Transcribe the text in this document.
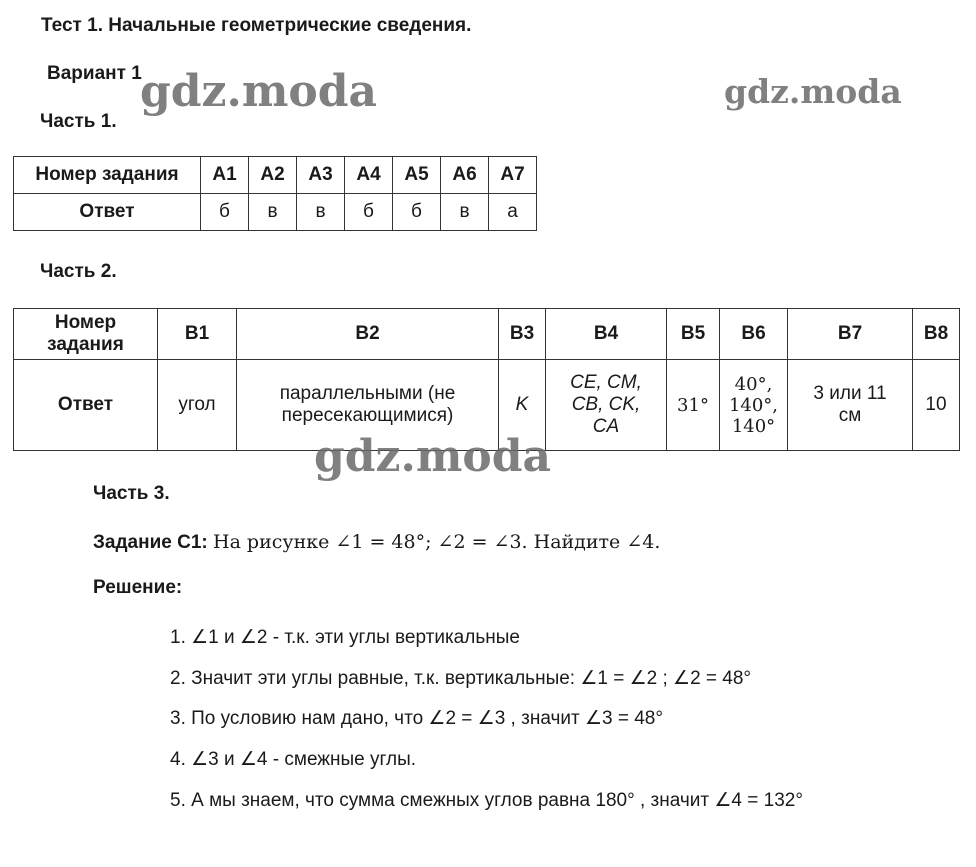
Тест 1. Начальные геометрические сведения.
Вариант 1
gdz.moda	gdz.moda
Часть 1.
Номер задания	А1	А2	А3	А4	А5	А6	А7
Ответ	б	в	в	б	б	в	а
Часть 2.
Номер задания	B1	B2	B3	B4	B5	B6	B7	B8
Ответ	угол	параллельными (не пересекающимися)	K	CE, CM, CB, CK, CA	31°	40°, 140°, 140°	3 или 11 см	10
gdz.moda
Часть 3.
Задание С1: На рисунке ∠1 = 48°; ∠2 = ∠3. Найдите ∠4.
Решение:
1. ∠1 и ∠2 - т.к. эти углы вертикальные
2. Значит эти углы равные, т.к. вертикальные: ∠1 = ∠2 ; ∠2 = 48°
3. По условию нам дано, что ∠2 = ∠3 , значит ∠3 = 48°
4. ∠3 и ∠4 - смежные углы.
5. А мы знаем, что сумма смежных углов равна 180° , значит ∠4 = 132°
